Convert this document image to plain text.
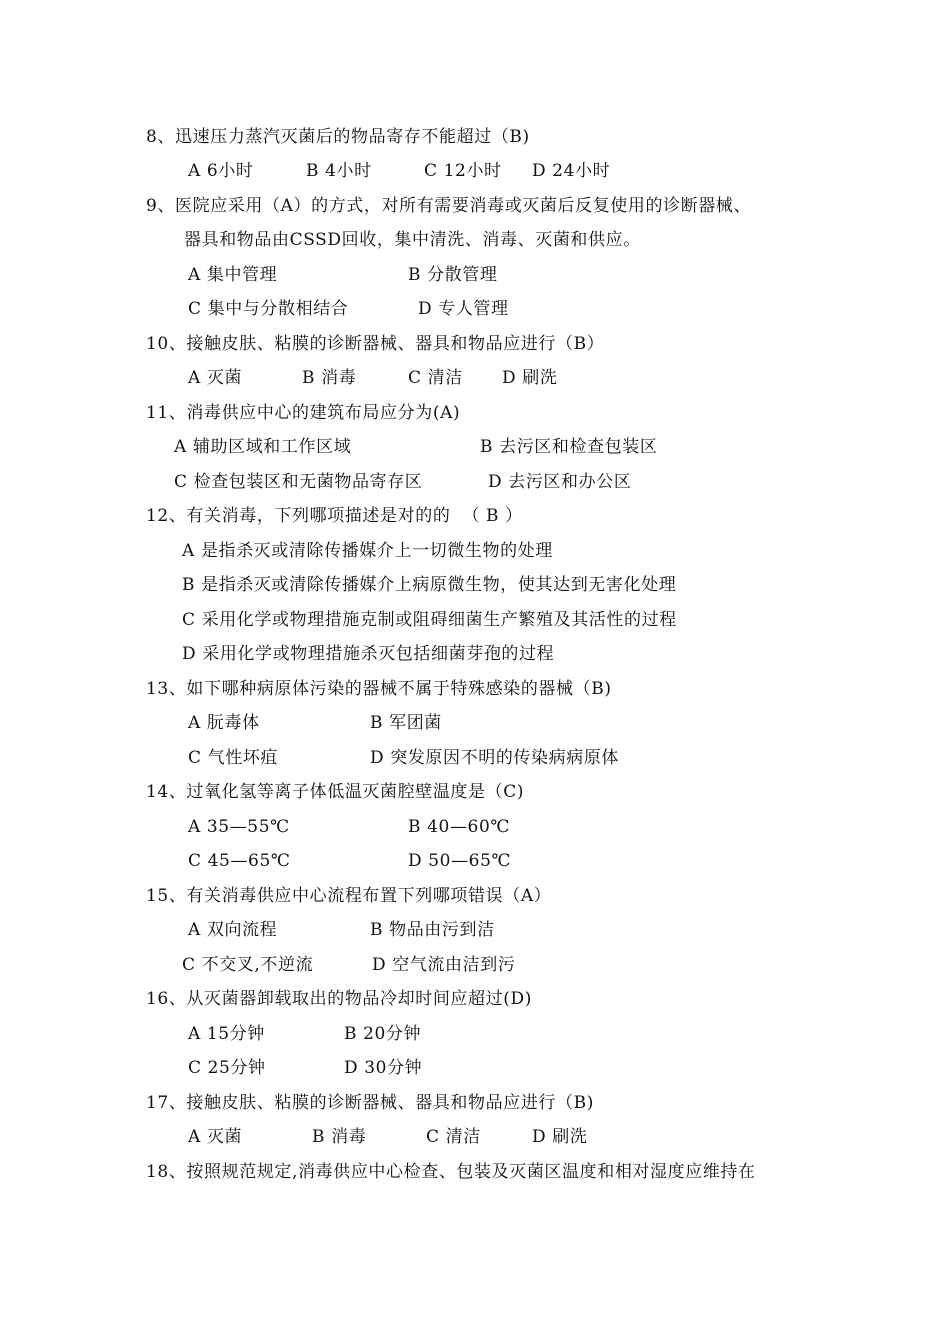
8、迅速压力蒸汽灭菌后的物品寄存不能超过（B)
A 6小时	B 4小时	C 12小时 D 24小时
9、医院应采用（A）的方式，对所有需要消毒或灭菌后反复使用的诊断器械、
器具和物品由CSSD回收，集中清洗、消毒、灭菌和供应。
A 集中管理	B 分散管理
C 集中与分散相结合	D 专人管理
10、接触皮肤、粘膜的诊断器械、器具和物品应进行（B）
A 灭菌	B 消毒	C 清洁 D 刷洗
11、消毒供应中心的建筑布局应分为(A)
A 辅助区域和工作区域	B 去污区和检查包装区
C 检查包装区和无菌物品寄存区	D 去污区和办公区
12、有关消毒，下列哪项描述是对的的  （ B ）
A 是指杀灭或清除传播媒介上一切微生物的处理
B 是指杀灭或清除传播媒介上病原微生物，使其达到无害化处理
C 采用化学或物理措施克制或阻碍细菌生产繁殖及其活性的过程
D 采用化学或物理措施杀灭包括细菌芽孢的过程
13、如下哪种病原体污染的器械不属于特殊感染的器械（B)
A 朊毒体	B 军团菌
C 气性坏疽	D 突发原因不明的传染病病原体
14、过氧化氢等离子体低温灭菌腔壁温度是（C)
A 35—55℃	B 40—60℃
C 45—65℃	D 50—65℃
15、有关消毒供应中心流程布置下列哪项错误（A）
A 双向流程	B 物品由污到洁
C 不交叉,不逆流	D 空气流由洁到污
16、从灭菌器卸载取出的物品冷却时间应超过(D)
A 15分钟	B 20分钟
C 25分钟	D 30分钟
17、接触皮肤、粘膜的诊断器械、器具和物品应进行（B)
A 灭菌	B 消毒	C 清洁	D 刷洗
18、按照规范规定,消毒供应中心检查、包装及灭菌区温度和相对湿度应维持在
